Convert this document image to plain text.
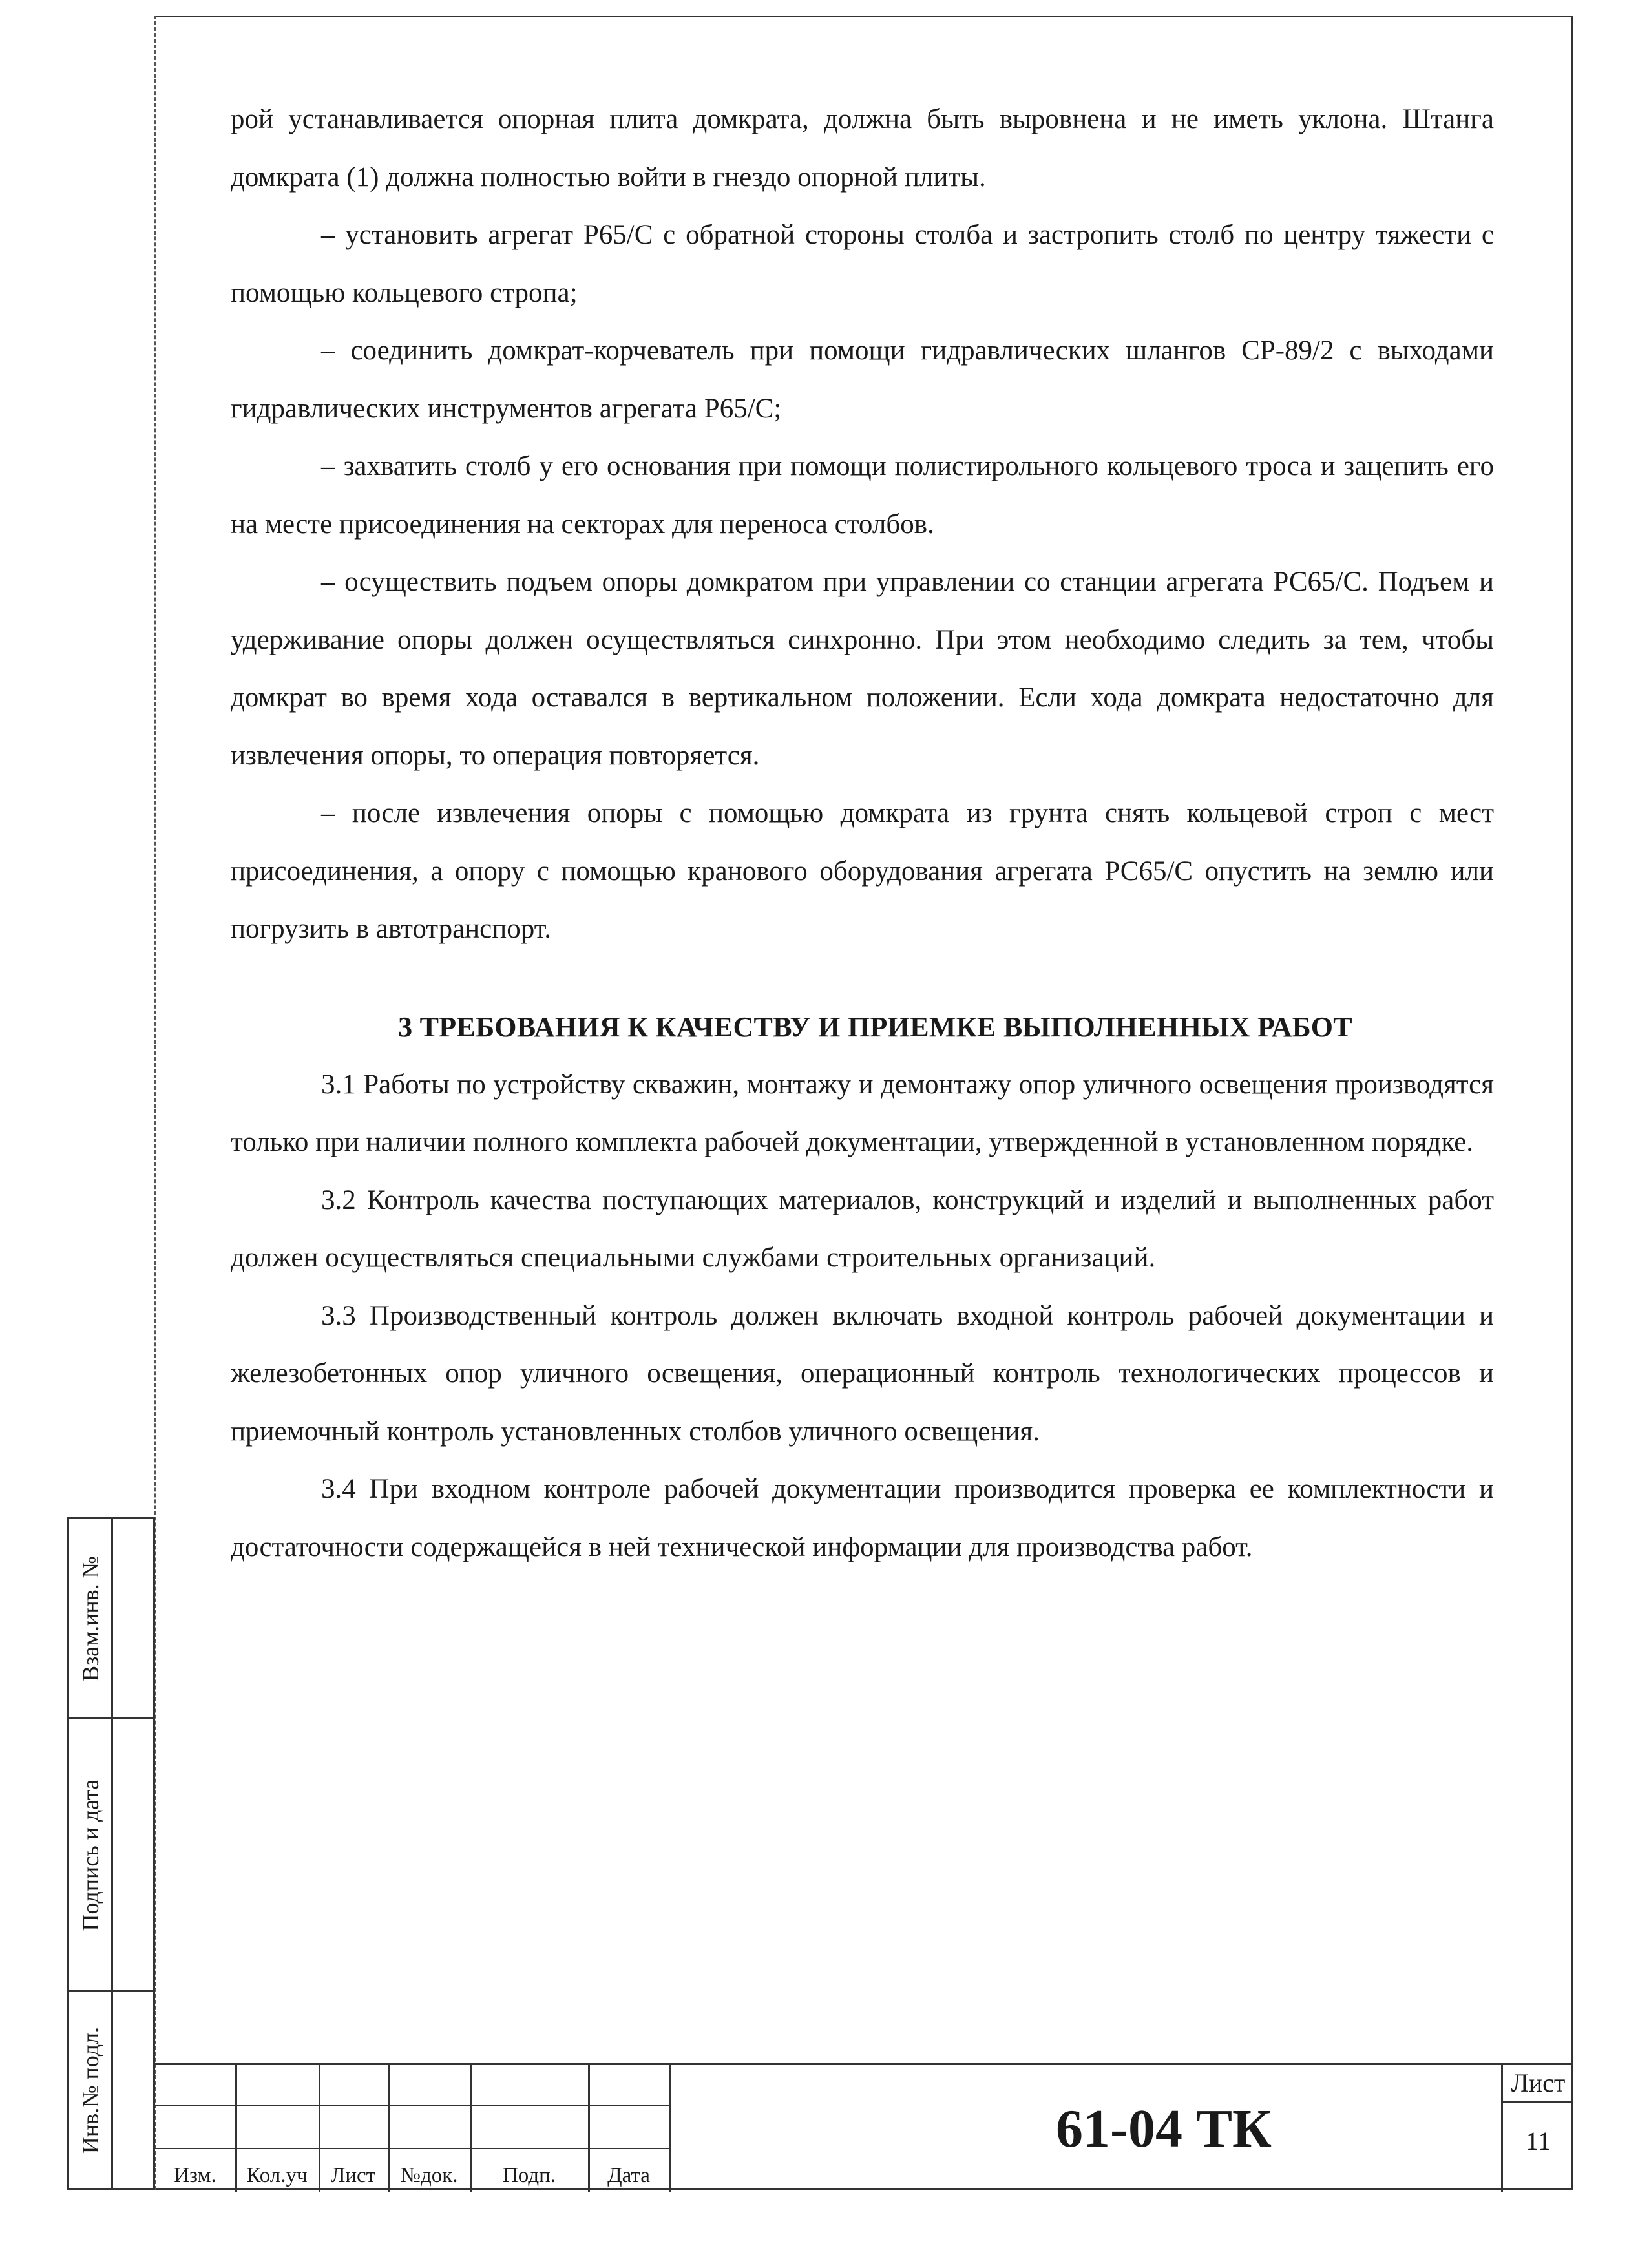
рой устанавливается опорная плита домкрата, должна быть выровнена и не иметь уклона. Штанга домкрата (1) должна полностью войти в гнездо опорной плиты.

– установить агрегат Р65/С с обратной стороны столба и застропить столб по центру тяжести с помощью кольцевого стропа;

– соединить домкрат-корчеватель при помощи гидравлических шлангов СР-89/2 с выходами гидравлических инструментов агрегата Р65/С;

– захватить столб у его основания при помощи полистирольного кольцевого троса и зацепить его на месте присоединения на секторах для переноса столбов.

– осуществить подъем опоры домкратом при управлении со станции агрегата РС65/С. Подъем и удерживание опоры должен осуществляться синхронно. При этом необходимо следить за тем, чтобы домкрат во время хода оставался в вертикальном положении. Если хода домкрата недостаточно для извлечения опоры, то операция повторяется.

– после извлечения опоры с помощью домкрата из грунта снять кольцевой строп с мест присоединения, а опору с помощью кранового оборудования агрегата РС65/С опустить на землю или погрузить в автотранспорт.

3 ТРЕБОВАНИЯ К КАЧЕСТВУ И ПРИЕМКЕ ВЫПОЛНЕННЫХ РАБОТ

3.1 Работы по устройству скважин, монтажу и демонтажу опор уличного освещения производятся только при наличии полного комплекта рабочей документации, утвержденной в установленном порядке.

3.2 Контроль качества поступающих материалов, конструкций и изделий и выполненных работ должен осуществляться специальными службами строительных организаций.

3.3 Производственный контроль должен включать входной контроль рабочей документации и железобетонных опор уличного освещения, операционный контроль технологических процессов и приемочный контроль установленных столбов уличного освещения.

3.4 При входном контроле рабочей документации производится проверка ее комплектности и достаточности содержащейся в ней технической информации для производства работ.

Взам.инв. №
Подпись и дата
Инв.№ подл.
Изм.	Кол.уч	Лист	№док.	Подп.	Дата
61-04 ТК
Лист
11
